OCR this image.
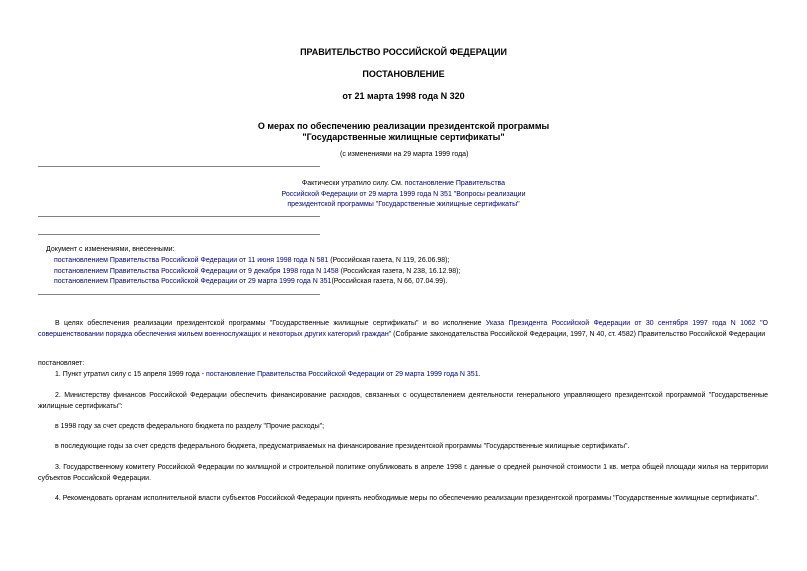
ПРАВИТЕЛЬСТВО РОССИЙСКОЙ ФЕДЕРАЦИИ
ПОСТАНОВЛЕНИЕ
от 21 марта 1998 года N 320
О мерах по обеспечению реализации президентской программы
"Государственные жилищные сертификаты"
(с изменениями на 29 марта 1999 года)
Фактически утратило силу. См. постановление Правительства
Российской Федерации от 29 марта 1999 года N 351 "Вопросы реализации
президентской программы "Государственные жилищные сертификаты"
Документ с изменениями, внесенными:
постановлением Правительства Российской Федерации от 11 июня 1998 года N 581 (Российская газета, N 119, 26.06.98);
постановлением Правительства Российской Федерации от 9 декабря 1998 года N 1458 (Российская газета, N 238, 16.12.98);
постановлением Правительства Российской Федерации от 29 марта 1999 года N 351(Российская газета, N 66, 07.04.99).
В целях обеспечения реализации президентской программы "Государственные жилищные сертификаты" и во исполнение Указа Президента Российской Федерации от 30 сентября 1997 года N 1062 "О совершенствовании порядка обеспечения жильем военнослужащих и некоторых других категорий граждан" (Собрание законодательства Российской Федерации, 1997, N 40, ст. 4582) Правительство Российской Федерации
постановляет:
1. Пункт утратил силу с 15 апреля 1999 года - постановление Правительства Российской Федерации от 29 марта 1999 года N 351.
2. Министерству финансов Российской Федерации обеспечить финансирование расходов, связанных с осуществлением деятельности генерального управляющего президентской программой "Государственные жилищные сертификаты":
в 1998 году за счет средств федерального бюджета по разделу "Прочие расходы";
в последующие годы за счет средств федерального бюджета, предусматриваемых на финансирование президентской программы "Государственные жилищные сертификаты".
3. Государственному комитету Российской Федерации по жилищной и строительной политике опубликовать в апреле 1998 г. данные о средней рыночной стоимости 1 кв. метра общей площади жилья на территории субъектов Российской Федерации.
4. Рекомендовать органам исполнительной власти субъектов Российской Федерации принять необходимые меры по обеспечению реализации президентской программы "Государственные жилищные сертификаты".
